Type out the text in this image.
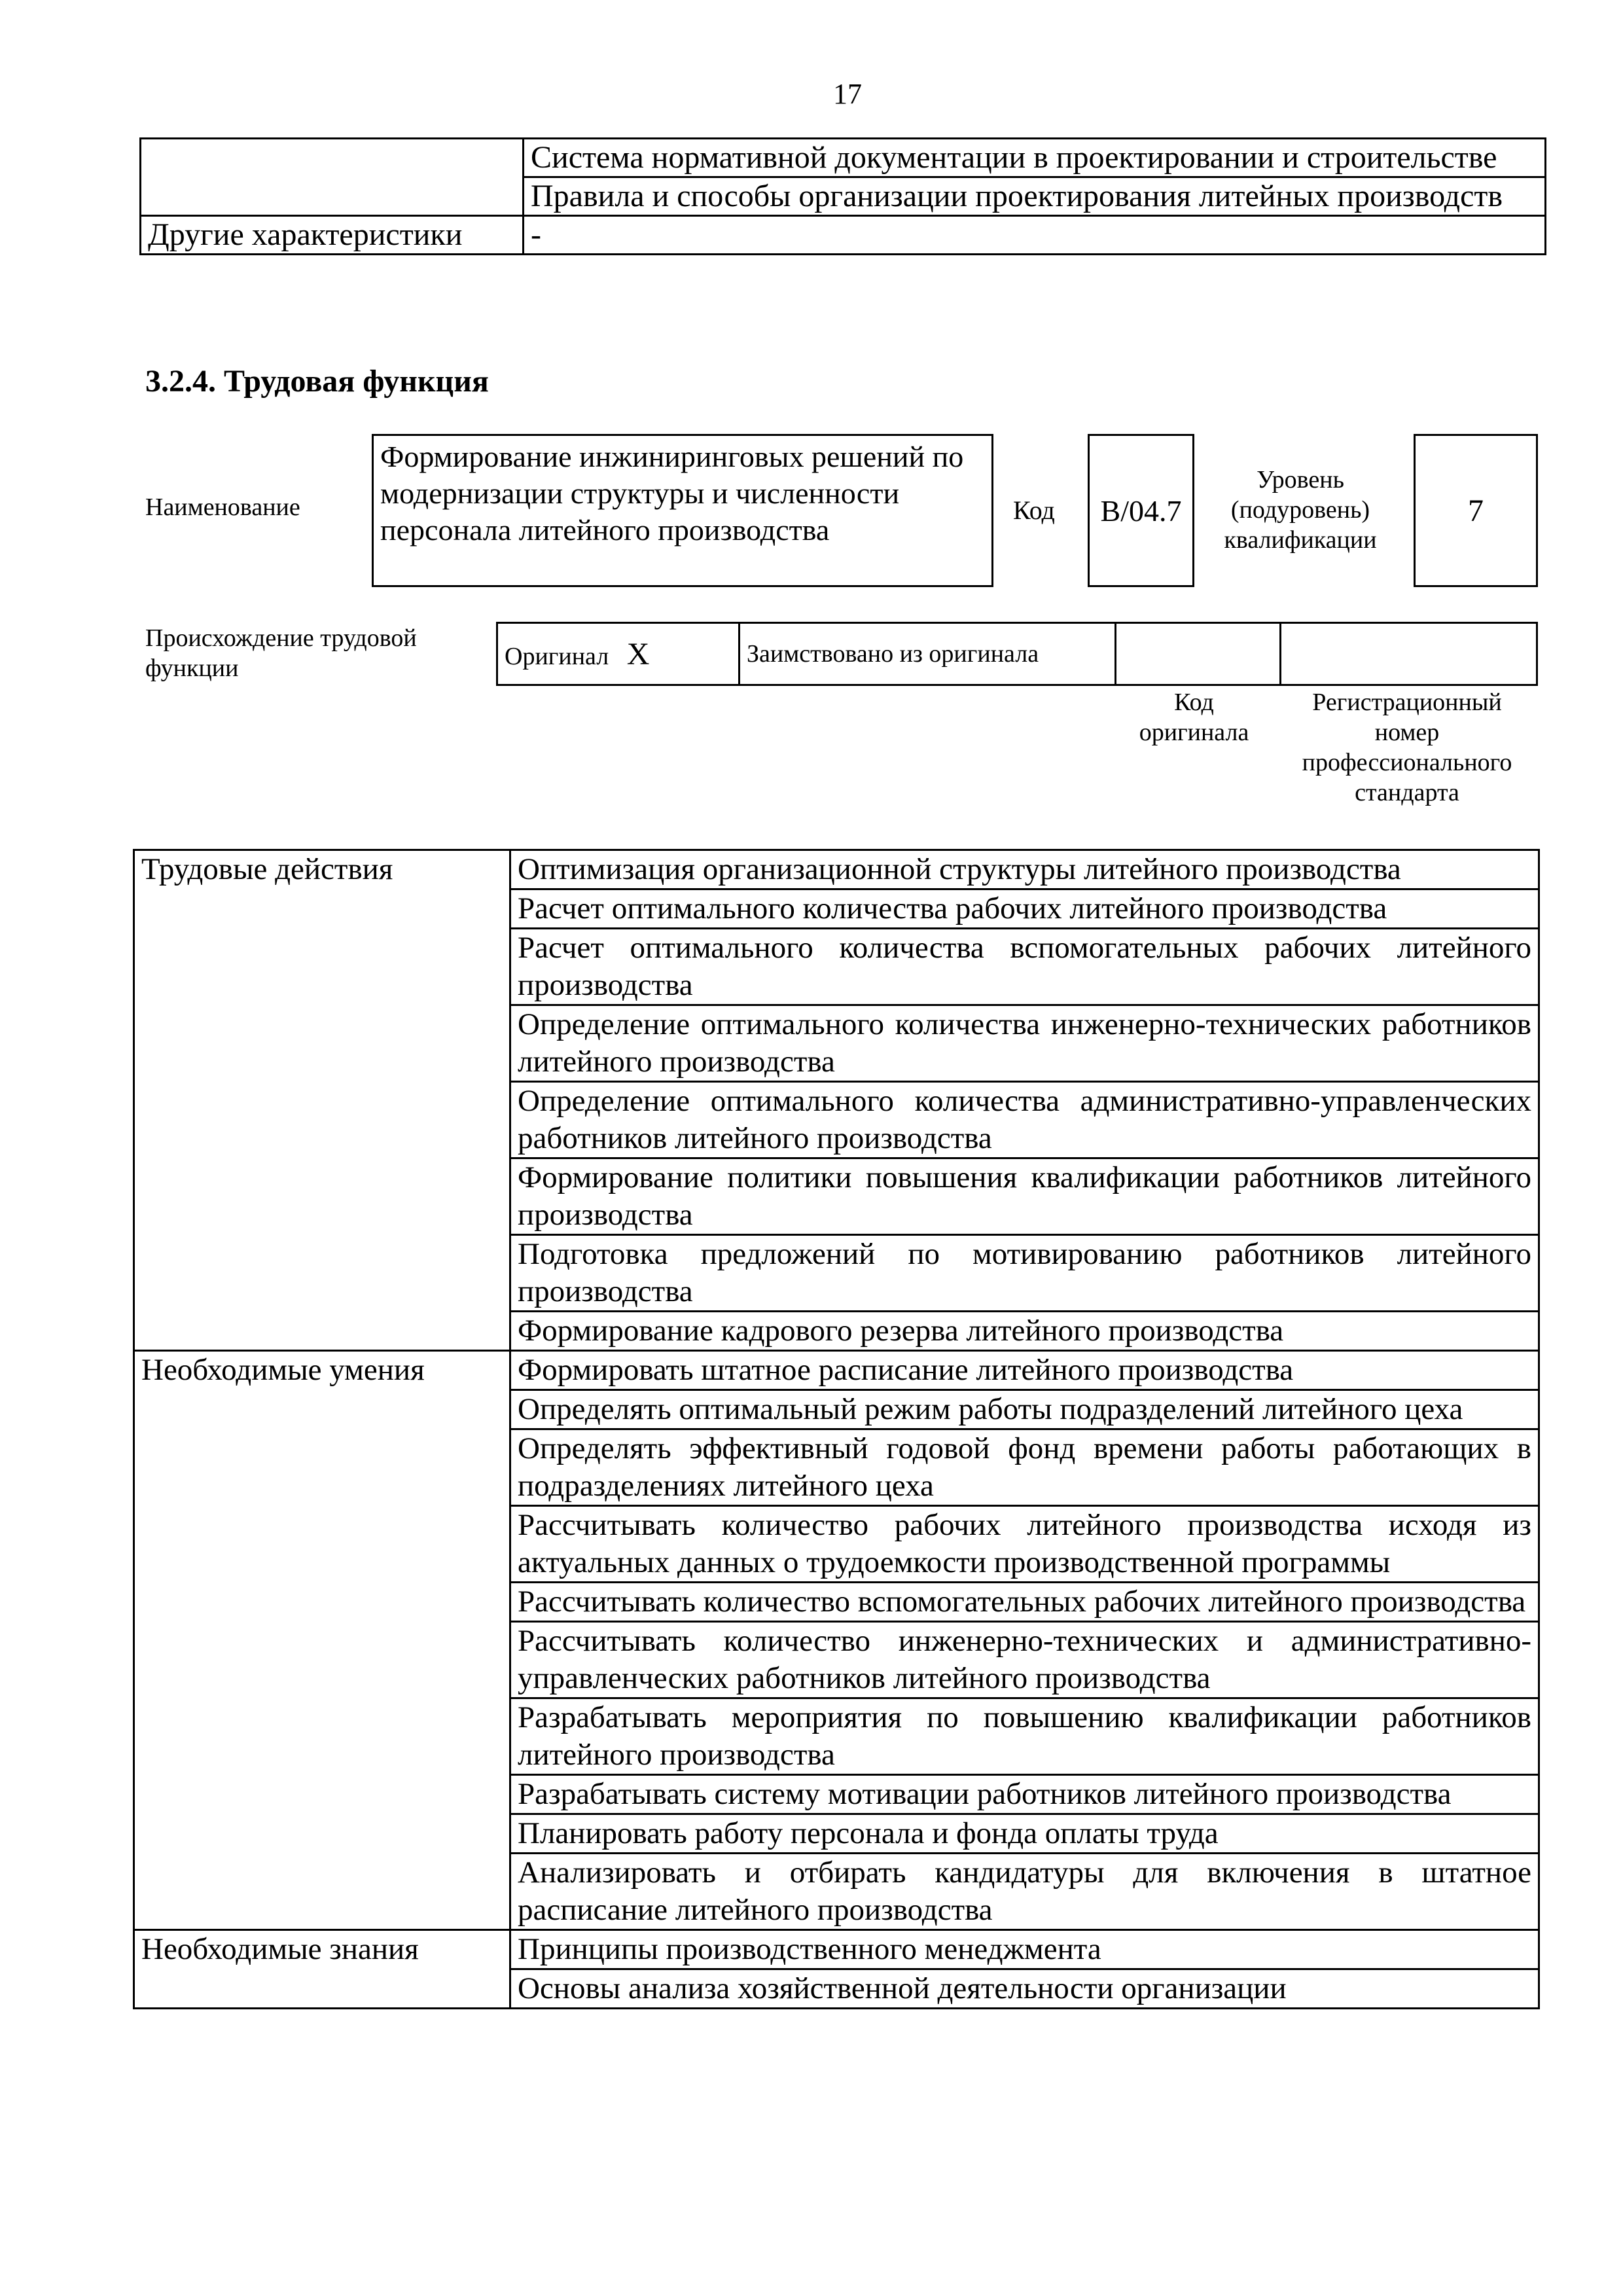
17
	Система нормативной документации в проектировании и строительстве
	Правила и способы организации проектирования литейных производств
Другие характеристики	-
3.2.4. Трудовая функция
Наименование
Формирование инжиниринговых решений по модернизации структуры и численности персонала литейного производства
Код	B/04.7
Уровень (подуровень) квалификации
7
Происхождение трудовой функции	Оригинал X	Заимствовано из оригинала		
Код оригинала
Регистрационный номер профессионального стандарта
Трудовые действия	Оптимизация организационной структуры литейного производства
	Расчет оптимального количества рабочих литейного производства
	Расчет оптимального количества вспомогательных рабочих литейного производства
	Определение оптимального количества инженерно-технических работников литейного производства
	Определение оптимального количества административно-управленческих работников литейного производства
	Формирование политики повышения квалификации работников литейного производства
	Подготовка предложений по мотивированию работников литейного производства
	Формирование кадрового резерва литейного производства
Необходимые умения	Формировать штатное расписание литейного производства
	Определять оптимальный режим работы подразделений литейного цеха
	Определять эффективный годовой фонд времени работы работающих в подразделениях литейного цеха
	Рассчитывать количество рабочих литейного производства исходя из актуальных данных о трудоемкости производственной программы
	Рассчитывать количество вспомогательных рабочих литейного производства
	Рассчитывать количество инженерно-технических и административно-управленческих работников литейного производства
	Разрабатывать мероприятия по повышению квалификации работников литейного производства
	Разрабатывать систему мотивации работников литейного производства
	Планировать работу персонала и фонда оплаты труда
	Анализировать и отбирать кандидатуры для включения в штатное расписание литейного производства
Необходимые знания	Принципы производственного менеджмента
	Основы анализа хозяйственной деятельности организации
